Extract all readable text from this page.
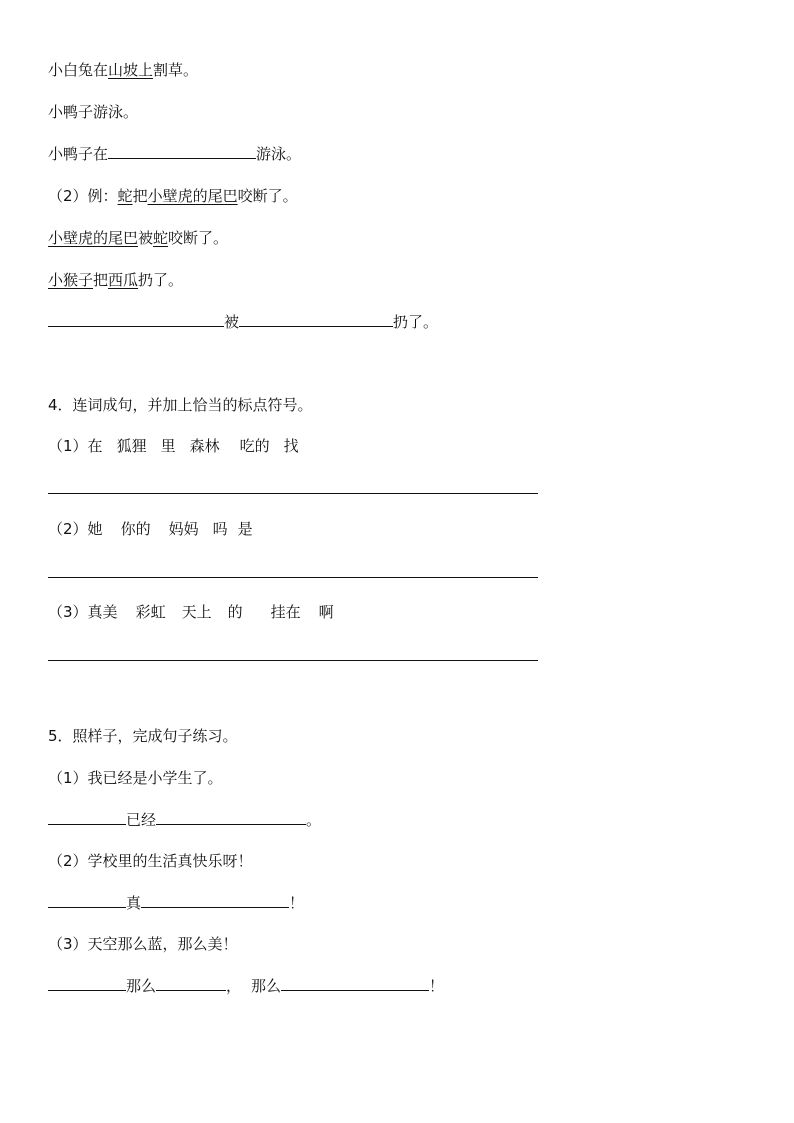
小白兔在山坡上割草。
小鸭子游泳。
小鸭子在	游泳。
（2）例：蛇把小壁虎的尾巴咬断了。
小壁虎的尾巴被蛇咬断了。
小猴子把西瓜扔了。
被	扔了。
4．连词成句，并加上恰当的标点符号。
（1）在 狐狸 里 森林 吃的 找
（2）她 你的 妈妈 吗 是
（3）真美 彩虹 天上 的 挂在 啊
5．照样子，完成句子练习。
（1）我已经是小学生了。
已经	。
（2）学校里的生活真快乐呀！
真	！
（3）天空那么蓝，那么美！
那么	， 那么	！
